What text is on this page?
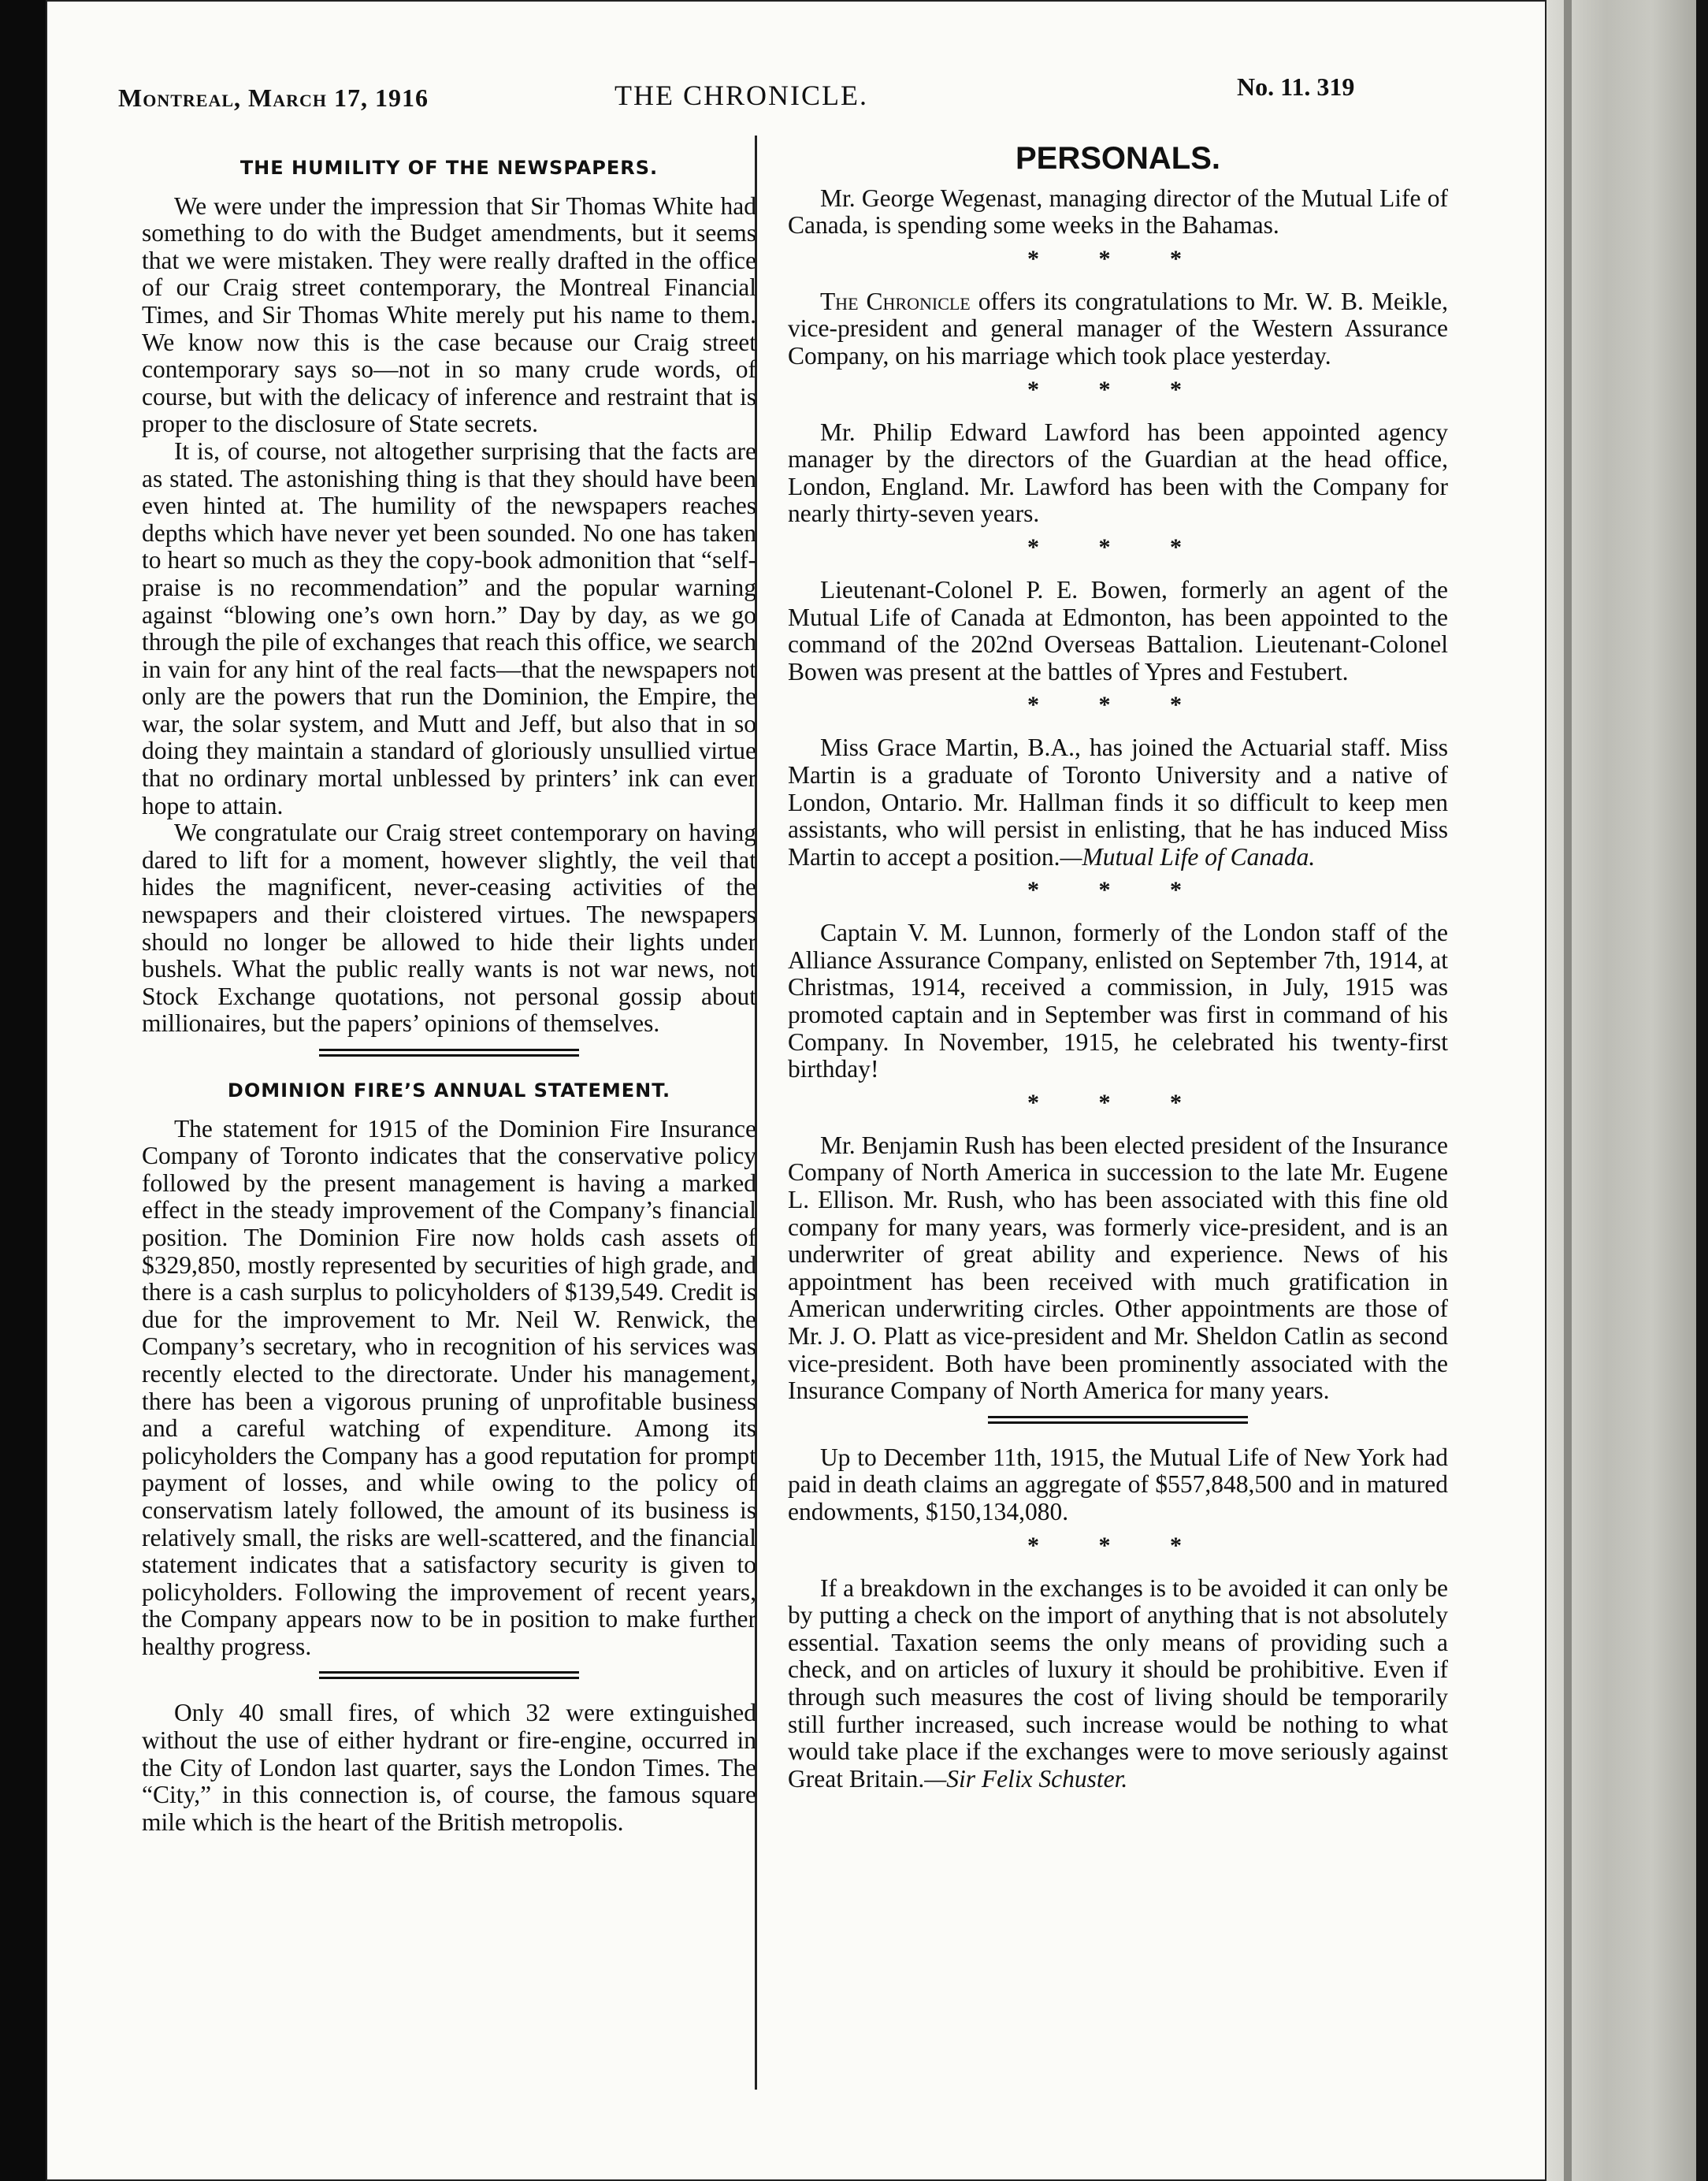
Montreal, March 17, 1916	THE CHRONICLE.	No. 11. 319
THE HUMILITY OF THE NEWSPAPERS.

We were under the impression that Sir Thomas White had something to do with the Budget amendments, but it seems that we were mistaken. They were really drafted in the office of our Craig street contemporary, the Montreal Financial Times, and Sir Thomas White merely put his name to them. We know now this is the case because our Craig street contemporary says so—not in so many crude words, of course, but with the delicacy of inference and restraint that is proper to the disclosure of State secrets.

It is, of course, not altogether surprising that the facts are as stated. The astonishing thing is that they should have been even hinted at. The humility of the newspapers reaches depths which have never yet been sounded. No one has taken to heart so much as they the copy-book admonition that “self-praise is no recommendation” and the popular warning against “blowing one’s own horn.” Day by day, as we go through the pile of exchanges that reach this office, we search in vain for any hint of the real facts—that the newspapers not only are the powers that run the Dominion, the Empire, the war, the solar system, and Mutt and Jeff, but also that in so doing they maintain a standard of gloriously unsullied virtue that no ordinary mortal unblessed by printers’ ink can ever hope to attain.

We congratulate our Craig street contemporary on having dared to lift for a moment, however slightly, the veil that hides the magnificent, never-ceasing activities of the newspapers and their cloistered virtues. The newspapers should no longer be allowed to hide their lights under bushels. What the public really wants is not war news, not Stock Exchange quotations, not personal gossip about millionaires, but the papers’ opinions of themselves.

DOMINION FIRE’S ANNUAL STATEMENT.

The statement for 1915 of the Dominion Fire Insurance Company of Toronto indicates that the conservative policy followed by the present management is having a marked effect in the steady improvement of the Company’s financial position. The Dominion Fire now holds cash assets of $329,850, mostly represented by securities of high grade, and there is a cash surplus to policyholders of $139,549. Credit is due for the improvement to Mr. Neil W. Renwick, the Company’s secretary, who in recognition of his services was recently elected to the directorate. Under his management, there has been a vigorous pruning of unprofitable business and a careful watching of expenditure. Among its policyholders the Company has a good reputation for prompt payment of losses, and while owing to the policy of conservatism lately followed, the amount of its business is relatively small, the risks are well-scattered, and the financial statement indicates that a satisfactory security is given to policyholders. Following the improvement of recent years, the Company appears now to be in position to make further healthy progress.

Only 40 small fires, of which 32 were extinguished without the use of either hydrant or fire-engine, occurred in the City of London last quarter, says the London Times. The “City,” in this connection is, of course, the famous square mile which is the heart of the British metropolis.

PERSONALS.

Mr. George Wegenast, managing director of the Mutual Life of Canada, is spending some weeks in the Bahamas.

* * *

The Chronicle offers its congratulations to Mr. W. B. Meikle, vice-president and general manager of the Western Assurance Company, on his marriage which took place yesterday.

* * *

Mr. Philip Edward Lawford has been appointed agency manager by the directors of the Guardian at the head office, London, England. Mr. Lawford has been with the Company for nearly thirty-seven years.

* * *

Lieutenant-Colonel P. E. Bowen, formerly an agent of the Mutual Life of Canada at Edmonton, has been appointed to the command of the 202nd Overseas Battalion. Lieutenant-Colonel Bowen was present at the battles of Ypres and Festubert.

* * *

Miss Grace Martin, B.A., has joined the Actuarial staff. Miss Martin is a graduate of Toronto University and a native of London, Ontario. Mr. Hallman finds it so difficult to keep men assistants, who will persist in enlisting, that he has induced Miss Martin to accept a position.—Mutual Life of Canada.

* * *

Captain V. M. Lunnon, formerly of the London staff of the Alliance Assurance Company, enlisted on September 7th, 1914, at Christmas, 1914, received a commission, in July, 1915 was promoted captain and in September was first in command of his Company. In November, 1915, he celebrated his twenty-first birthday!

* * *

Mr. Benjamin Rush has been elected president of the Insurance Company of North America in succession to the late Mr. Eugene L. Ellison. Mr. Rush, who has been associated with this fine old company for many years, was formerly vice-president, and is an underwriter of great ability and experience. News of his appointment has been received with much gratification in American underwriting circles. Other appointments are those of Mr. J. O. Platt as vice-president and Mr. Sheldon Catlin as second vice-president. Both have been prominently associated with the Insurance Company of North America for many years.

Up to December 11th, 1915, the Mutual Life of New York had paid in death claims an aggregate of $557,848,500 and in matured endowments, $150,134,080.

* * *

If a breakdown in the exchanges is to be avoided it can only be by putting a check on the import of anything that is not absolutely essential. Taxation seems the only means of providing such a check, and on articles of luxury it should be prohibitive. Even if through such measures the cost of living should be temporarily still further increased, such increase would be nothing to what would take place if the exchanges were to move seriously against Great Britain.—Sir Felix Schuster.
